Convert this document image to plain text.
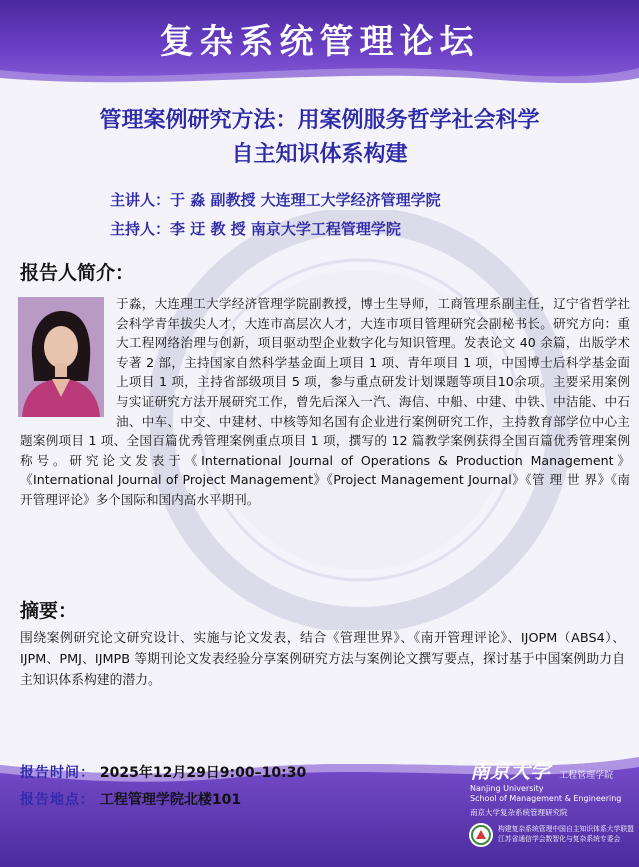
复杂系统管理论坛
管理案例研究方法：用案例服务哲学社会科学
自主知识体系构建
主讲人：于 淼 副教授 大连理工大学经济管理学院
主持人：李 迂 教 授 南京大学工程管理学院
报告人简介：
于淼，大连理工大学经济管理学院副教授，博士生导师，工商管理系副主任，辽宁省哲学社会科学青年拔尖人才，大连市高层次人才，大连市项目管理研究会副秘书长。研究方向：重大工程网络治理与创新，项目驱动型企业数字化与知识管理。发表论文 40 余篇，出版学术专著 2 部，主持国家自然科学基金面上项目 1 项、青年项目 1 项，中国博士后科学基金面上项目 1 项，主持省部级项目 5 项，参与重点研发计划课题等项目10余项。主要采用案例与实证研究方法开展研究工作，曾先后深入一汽、海信、中船、中建、中铁、中洁能、中石油、中车、中交、中建材、中核等知名国有企业进行案例研究工作，主持教育部学位中心主题案例项目 1 项、全国百篇优秀管理案例重点项目 1 项，撰写的 12 篇教学案例获得全国百篇优秀管理案例称号。研究论文发表于《International Journal of Operations & Production Management》《International Journal of Project Management》《Project Management Journal》《管 理 世 界》《南开管理评论》多个国际和国内高水平期刊。
摘要：
围绕案例研究论文研究设计、实施与论文发表，结合《管理世界》、《南开管理评论》、IJOPM（ABS4）、IJPM、PMJ、IJMPB 等期刊论文发表经验分享案例研究方法与案例论文撰写要点，探讨基于中国案例助力自主知识体系构建的潜力。
报告时间： 2025年12月29日9:00–10:30
报告地点： 工程管理学院北楼101
南京大学 工程管理学院
Nanjing University
School of Management & Engineering
南京大学复杂系统管理研究院
构建复杂系统管理中国自主知识体系大学联盟
江苏省通信学会数智化与复杂系统专委会
